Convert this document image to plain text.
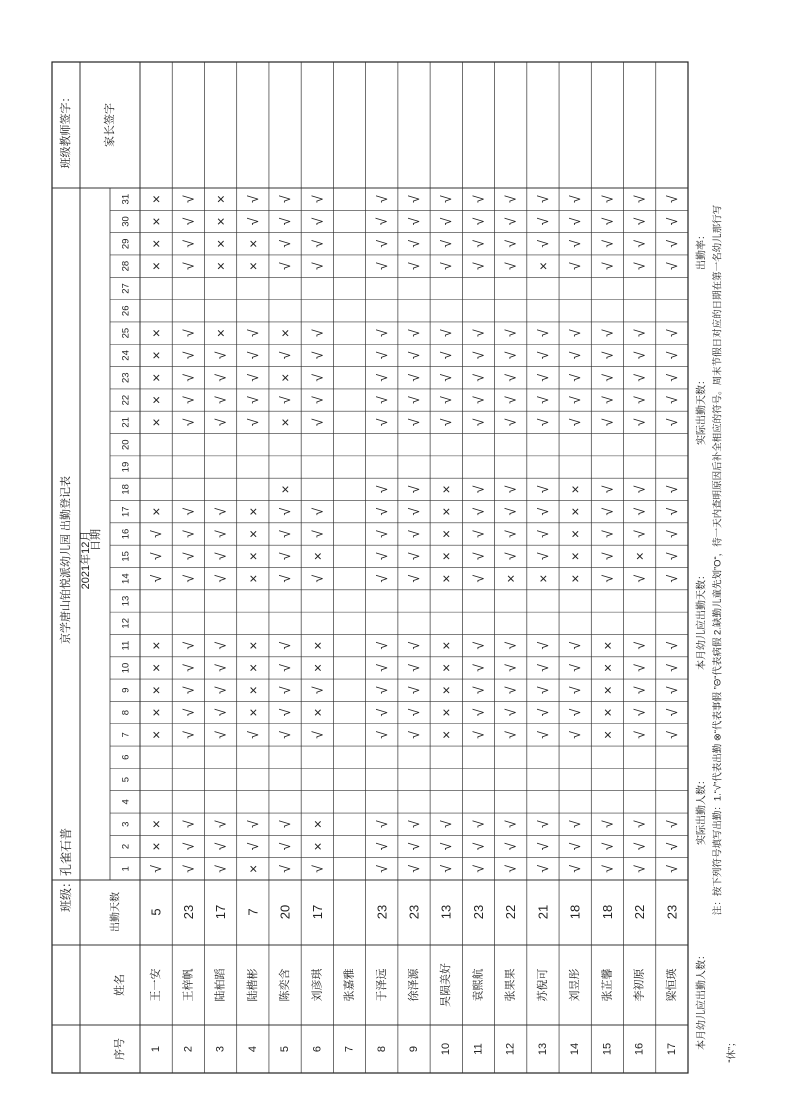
班级：孔雀石普
京学唐山铂悦派幼儿园 出勤登记表 2021年12月
班级教师签字：	家长签字
日期
序号
姓名
出勤天数
1
2
3
4
5
6
7
8
9
10
11
12
13
14
15
16
17
18
19
20
21
22
23
24
25
26
27
28
29
30
31
1
王一安
5
√
×
×
×
×
×
×
×
√
√
√
×
×
×
×
×
×
×
×
×
×
2
王梓帆
23
√
√
√
√
√
√
√
√
√
√
√
√
√
√
√
√
√
√
√
√
√
3
陆柏蹈
17
√
√
√
√
√
√
√
√
√
√
√
√
√
√
√
√
×
×
×
×
×
4
陆楷彬
7
×
√
√
√
×
×
×
×
×
×
×
×
√
√
√
√
√
×
×
√
√
5
陈奕含
20
√
√
√
√
√
√
√
√
√
√
√
√
×
×
√
×
√
×
√
√
√
√
6
刘彦琪
17
√
×
×
√
×
√
×
×
√
×
√
√
√
√
√
√
√
√
√
√
√
7
张嘉雅
8
于泽远
23
√
√
√
√
√
√
√
√
√
√
√
√
√
√
√
√
√
√
√
√
√
√
9
徐泽源
23
√
√
√
√
√
√
√
√
√
√
√
√
√
√
√
√
√
√
√
√
√
√
10
昊陨美好
13
√
√
√
×
×
×
×
×
×
×
×
×
×
√
√
√
√
√
√
√
√
√
11
袁熙航
23
√
√
√
√
√
√
√
√
√
√
√
√
√
√
√
√
√
√
√
√
√
√
12
张果果
22
√
√
√
√
√
√
√
√
×
√
√
√
√
√
√
√
√
√
√
√
√
√
13
苏倪可
21
√
√
√
√
√
√
√
√
×
√
√
√
√
√
√
√
√
√
×
√
√
√
14
刘昱彤
18
√
√
√
√
√
√
√
√
×
×
×
×
×
√
√
√
√
√
√
√
√
√
15
张芷馨
18
√
√
√
×
×
×
×
×
√
√
√
√
√
√
√
√
√
√
√
√
√
√
16
李初原
22
√
√
√
√
√
√
√
√
√
×
√
√
√
√
√
√
√
√
√
√
√
√
17
梁恒瑛
23
√
√
√
√
√
√
√
√
√
√
√
√
√
√
√
√
√
√
√
√
√
√
本月幼儿应出勤人数：
实际出勤人数：
本月幼儿应出勤天数：
实际出勤天数：
出勤率： 注：按下列符号填写出勤：1.“√”代表出勤 ⊗“代表事假 ”Θ“代表病假 2.缺勤儿童先划”O“，待一天内查明原因后补全相应的符号。周末节假日对应的日期在第一名幼儿那行写
“休”；
